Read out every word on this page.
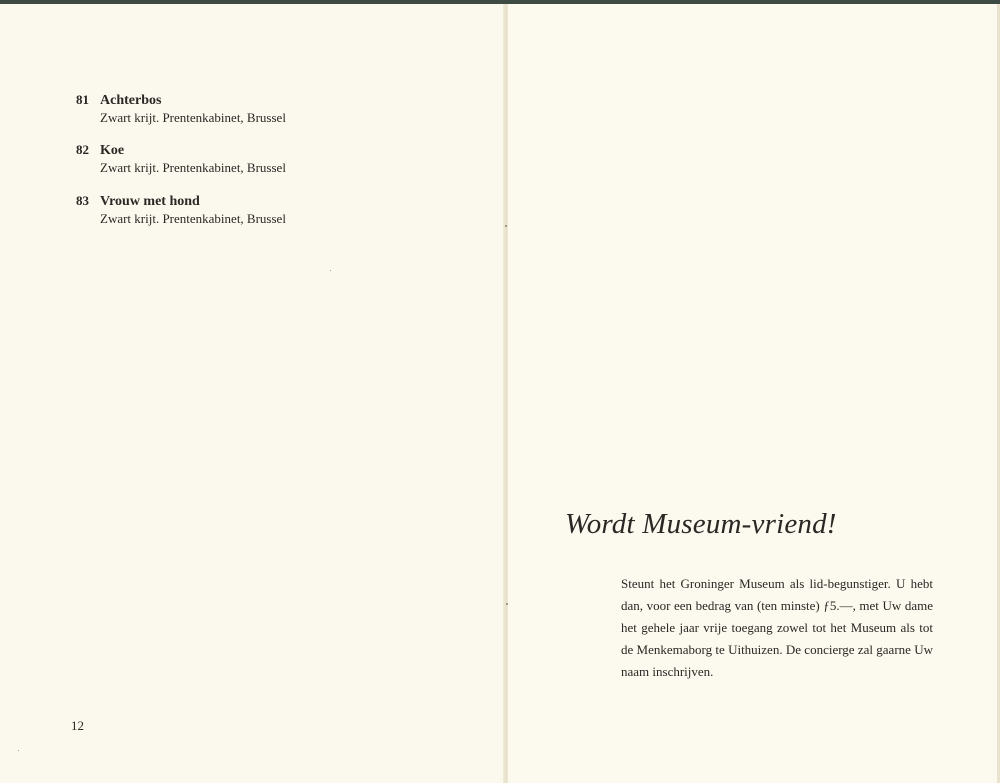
81 Achterbos
Zwart krijt. Prentenkabinet, Brussel
82 Koe
Zwart krijt. Prentenkabinet, Brussel
83 Vrouw met hond
Zwart krijt. Prentenkabinet, Brussel
12
Wordt Museum-vriend!
Steunt het Groninger Museum als lid-begunstiger. U hebt dan, voor een bedrag van (ten minste) ƒ5.—, met Uw dame het gehele jaar vrije toegang zowel tot het Museum als tot de Menkemaborg te Uithuizen. De concierge zal gaarne Uw naam inschrijven.
